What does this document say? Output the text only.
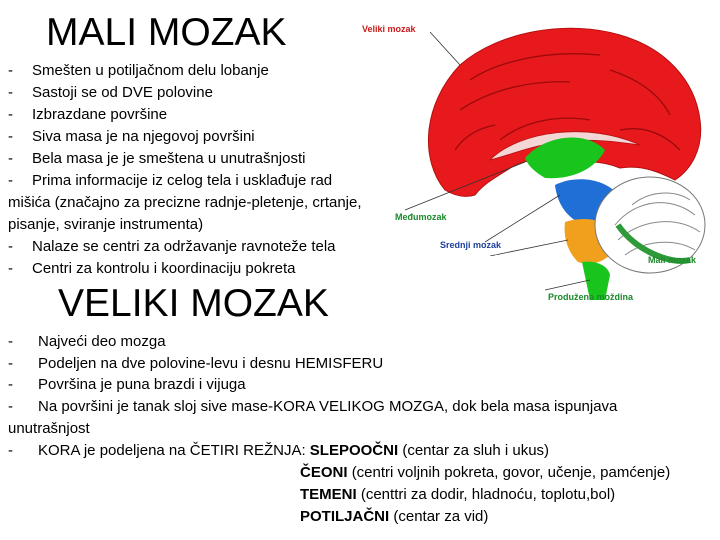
MALI MOZAK
- Smešten u potiljačnom delu lobanje
- Sastoji se od DVE polovine
- Izbrazdane površine
- Siva masa je na njegovoj površini
- Bela masa je je smeštena u unutrašnjosti
- Prima informacije iz celog tela i usklađuje rad mišića (značajno za precizne radnje-pletenje, crtanje, pisanje, sviranje instrumenta)
- Nalaze se centri za održavanje ravnoteže tela
- Centri za kontrolu i koordinaciju pokreta
VELIKI MOZAK
- Najveći deo mozga
- Podeljen na dve polovine-levu i desnu HEMISFERU
- Površina je puna brazdi i vijuga
- Na površini je tanak sloj sive mase-KORA VELIKOG MOZGA, dok bela masa ispunjava unutrašnjost
- KORA je podeljena na ČETIRI REŽNJA: SLEPOOČNI (centar za sluh i ukus)
ČEONI (centri voljnih pokreta, govor, učenje, pamćenje)
TEMENI (centtri za dodir, hladnoću, toplotu,bol)
POTILJAČNI (centar za vid)
Veliki mozak
Međumozak
Srednji mozak
Moždani most	Mali mozak
Produžena moždina
